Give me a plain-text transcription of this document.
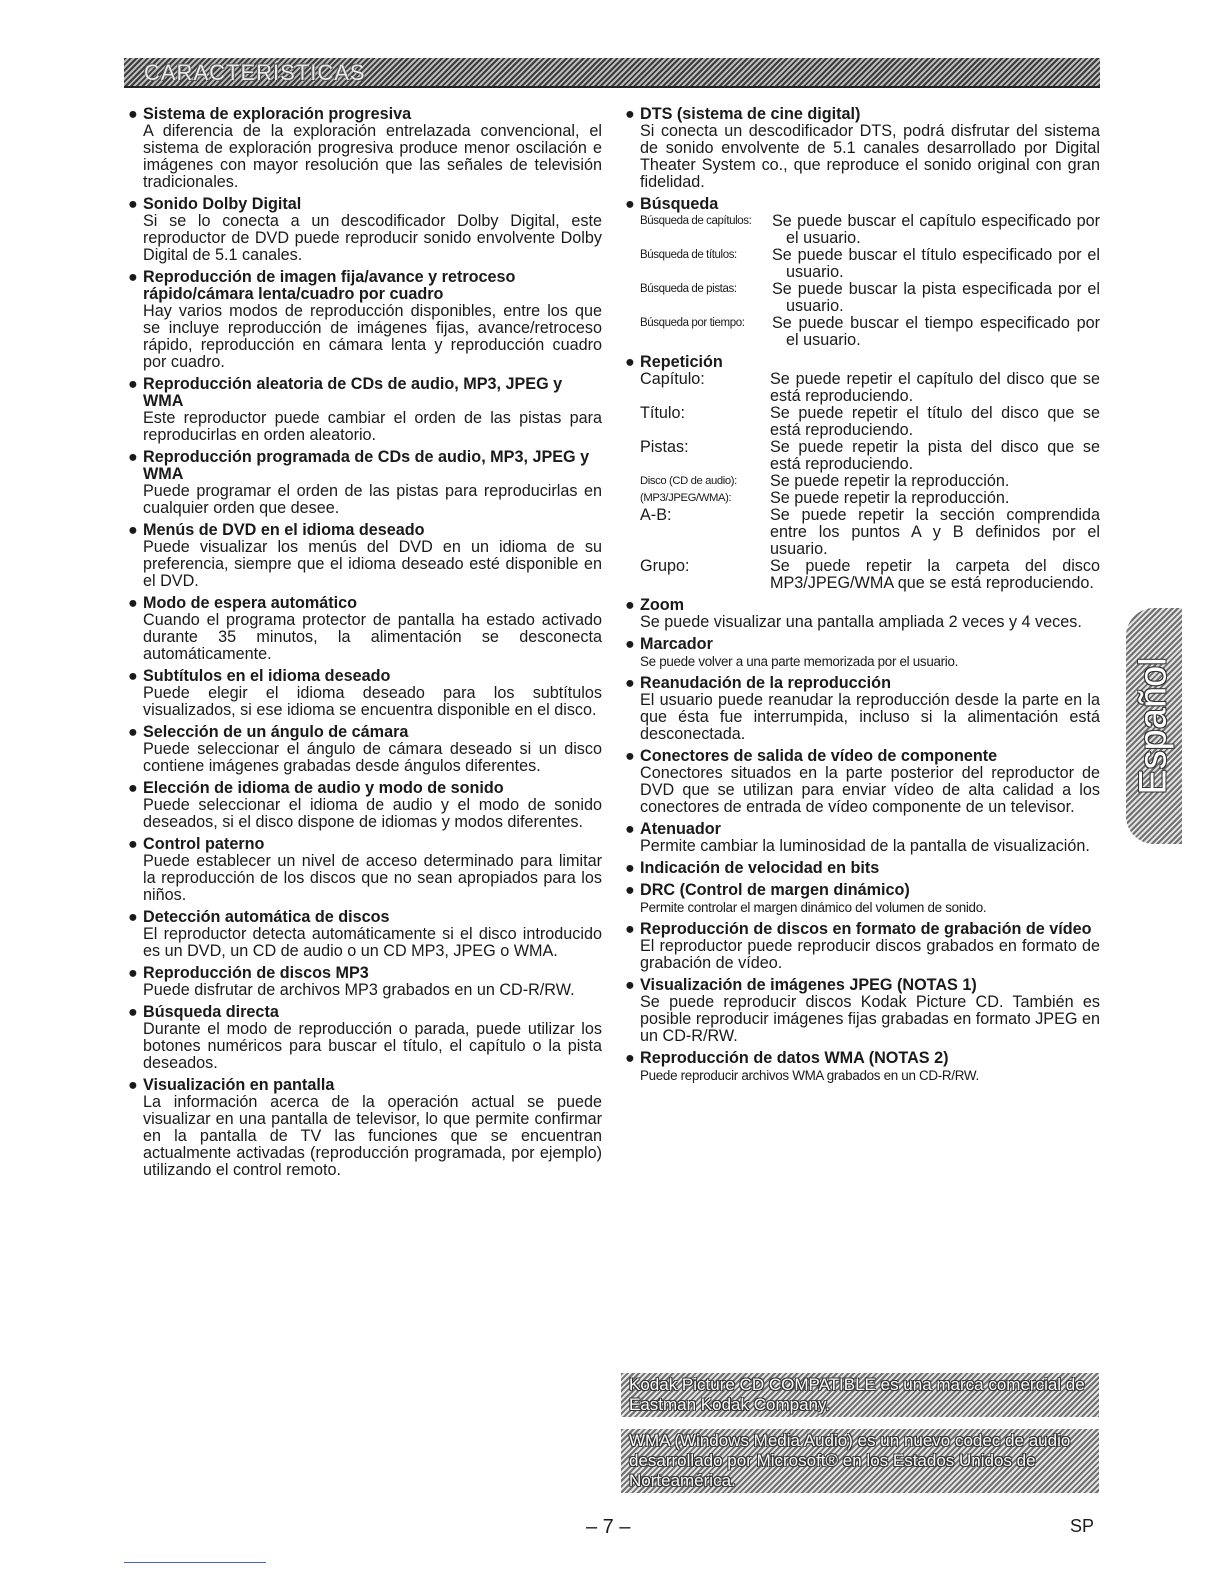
CARACTERÍSTICAS
● Sistema de exploración progresiva
A diferencia de la exploración entrelazada convencional, el sistema de exploración progresiva produce menor oscilación e imágenes con mayor resolución que las señales de televisión tradicionales.
● Sonido Dolby Digital
Si se lo conecta a un descodificador Dolby Digital, este reproductor de DVD puede reproducir sonido envolvente Dolby Digital de 5.1 canales.
● Reproducción de imagen fija/avance y retroceso rápido/cámara lenta/cuadro por cuadro
Hay varios modos de reproducción disponibles, entre los que se incluye reproducción de imágenes fijas, avance/retroceso rápido, reproducción en cámara lenta y reproducción cuadro por cuadro.
● Reproducción aleatoria de CDs de audio, MP3, JPEG y WMA
Este reproductor puede cambiar el orden de las pistas para reproducirlas en orden aleatorio.
● Reproducción programada de CDs de audio, MP3, JPEG y WMA
Puede programar el orden de las pistas para reproducirlas en cualquier orden que desee.
● Menús de DVD en el idioma deseado
Puede visualizar los menús del DVD en un idioma de su preferencia, siempre que el idioma deseado esté disponible en el DVD.
● Modo de espera automático
Cuando el programa protector de pantalla ha estado activado durante 35 minutos, la alimentación se desconecta automáticamente.
● Subtítulos en el idioma deseado
Puede elegir el idioma deseado para los subtítulos visualizados, si ese idioma se encuentra disponible en el disco.
● Selección de un ángulo de cámara
Puede seleccionar el ángulo de cámara deseado si un disco contiene imágenes grabadas desde ángulos diferentes.
● Elección de idioma de audio y modo de sonido
Puede seleccionar el idioma de audio y el modo de sonido deseados, si el disco dispone de idiomas y modos diferentes.
● Control paterno
Puede establecer un nivel de acceso determinado para limitar la reproducción de los discos que no sean apropiados para los niños.
● Detección automática de discos
El reproductor detecta automáticamente si el disco introducido es un DVD, un CD de audio o un CD MP3, JPEG o WMA.
● Reproducción de discos MP3
Puede disfrutar de archivos MP3 grabados en un CD-R/RW.
● Búsqueda directa
Durante el modo de reproducción o parada, puede utilizar los botones numéricos para buscar el título, el capítulo o la pista deseados.
● Visualización en pantalla
La información acerca de la operación actual se puede visualizar en una pantalla de televisor, lo que permite confirmar en la pantalla de TV las funciones que se encuentran actualmente activadas (reproducción programada, por ejemplo) utilizando el control remoto.
● DTS (sistema de cine digital)
Si conecta un descodificador DTS, podrá disfrutar del sistema de sonido envolvente de 5.1 canales desarrollado por Digital Theater System co., que reproduce el sonido original con gran fidelidad.
● Búsqueda
Búsqueda de capítulos:	Se puede buscar el capítulo especificado por el usuario.
Búsqueda de títulos:	Se puede buscar el título especificado por el usuario.
Búsqueda de pistas:	Se puede buscar la pista especificada por el usuario.
Búsqueda por tiempo:	Se puede buscar el tiempo especificado por el usuario.
● Repetición
Capítulo:	Se puede repetir el capítulo del disco que se está reproduciendo.
Título:	Se puede repetir el título del disco que se está reproduciendo.
Pistas:	Se puede repetir la pista del disco que se está reproduciendo.
Disco (CD de audio):	Se puede repetir la reproducción.
(MP3/JPEG/WMA):	Se puede repetir la reproducción.
A-B:	Se puede repetir la sección comprendida entre los puntos A y B definidos por el usuario.
Grupo:	Se puede repetir la carpeta del disco MP3/JPEG/WMA que se está reproduciendo.
● Zoom
Se puede visualizar una pantalla ampliada 2 veces y 4 veces.
● Marcador
Se puede volver a una parte memorizada por el usuario.
● Reanudación de la reproducción
El usuario puede reanudar la reproducción desde la parte en la que ésta fue interrumpida, incluso si la alimentación está desconectada.
● Conectores de salida de vídeo de componente
Conectores situados en la parte posterior del reproductor de DVD que se utilizan para enviar vídeo de alta calidad a los conectores de entrada de vídeo componente de un televisor.
● Atenuador
Permite cambiar la luminosidad de la pantalla de visualización.
● Indicación de velocidad en bits
● DRC (Control de margen dinámico)
Permite controlar el margen dinámico del volumen de sonido.
● Reproducción de discos en formato de grabación de vídeo
El reproductor puede reproducir discos grabados en formato de grabación de vídeo.
● Visualización de imágenes JPEG (NOTAS 1)
Se puede reproducir discos Kodak Picture CD. También es posible reproducir imágenes fijas grabadas en formato JPEG en un CD-R/RW.
● Reproducción de datos WMA (NOTAS 2)
Puede reproducir archivos WMA grabados en un CD-R/RW.
Kodak Picture CD COMPATIBLE es una marca comercial de Eastman Kodak Company.
WMA (Windows Media Audio) es un nuevo codec de audio desarrollado por Microsoft® en los Estados Unidos de Norteamérica.
Español
– 7 –	SP
